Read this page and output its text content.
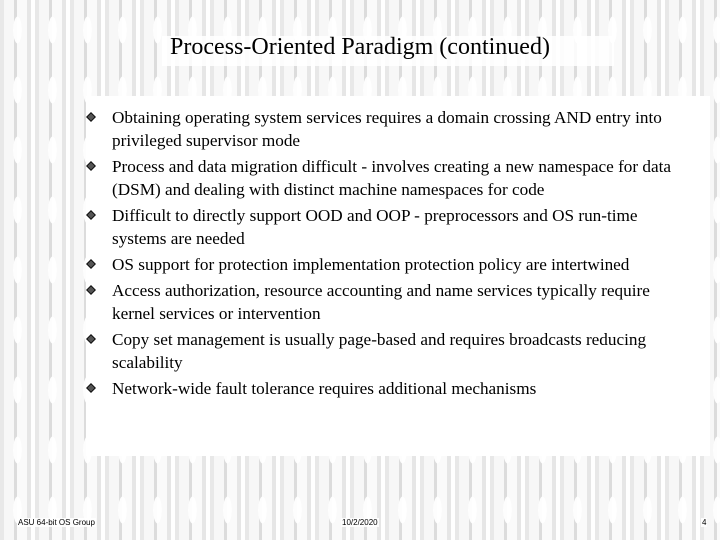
Process-Oriented Paradigm (continued)
Obtaining operating system services requires a domain crossing AND entry into privileged supervisor mode
Process and data migration difficult - involves creating a new namespace for data (DSM) and dealing with distinct machine namespaces for code
Difficult to directly support OOD and OOP - preprocessors and OS run-time systems are needed
OS support for protection implementation protection policy are intertwined
Access authorization, resource accounting and name services typically require kernel services or intervention
Copy set management is usually page-based and requires broadcasts reducing scalability
Network-wide fault tolerance requires additional mechanisms
ASU 64-bit OS Group	10/2/2020	4
